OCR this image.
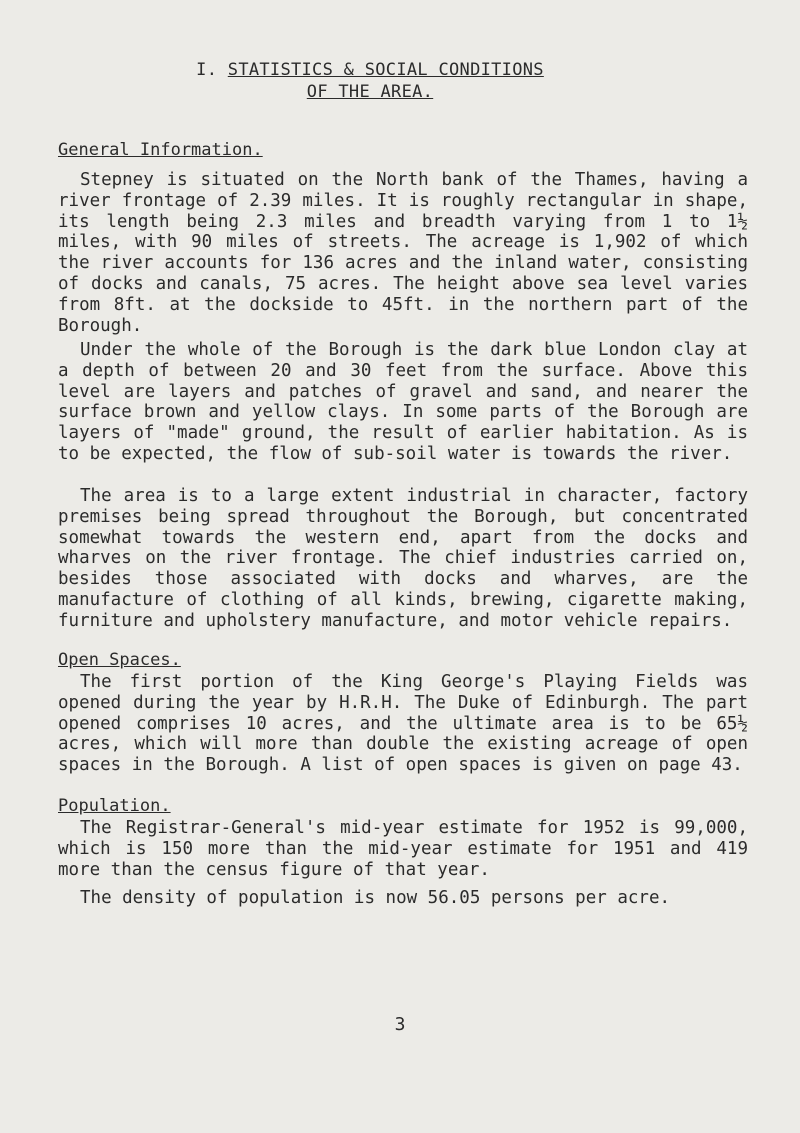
I. STATISTICS & SOCIAL CONDITIONS
OF THE AREA.
General Information.
Stepney is situated on the North bank of the Thames, having a river frontage of 2.39 miles. It is roughly rectangular in shape, its length being 2.3 miles and breadth varying from 1 to 1½ miles, with 90 miles of streets. The acreage is 1,902 of which the river accounts for 136 acres and the inland water, consisting of docks and canals, 75 acres. The height above sea level varies from 8ft. at the dockside to 45ft. in the northern part of the Borough.
Under the whole of the Borough is the dark blue London clay at a depth of between 20 and 30 feet from the surface. Above this level are layers and patches of gravel and sand, and nearer the surface brown and yellow clays. In some parts of the Borough are layers of "made" ground, the result of earlier habitation. As is to be expected, the flow of sub-soil water is towards the river.
The area is to a large extent industrial in character, factory premises being spread throughout the Borough, but concentrated somewhat towards the western end, apart from the docks and wharves on the river frontage. The chief industries carried on, besides those associated with docks and wharves, are the manufacture of clothing of all kinds, brewing, cigarette making, furniture and upholstery manufacture, and motor vehicle repairs.
Open Spaces.
The first portion of the King George's Playing Fields was opened during the year by H.R.H. The Duke of Edinburgh. The part opened comprises 10 acres, and the ultimate area is to be 65½ acres, which will more than double the existing acreage of open spaces in the Borough. A list of open spaces is given on page 43.
Population.
The Registrar-General's mid-year estimate for 1952 is 99,000, which is 150 more than the mid-year estimate for 1951 and 419 more than the census figure of that year.
The density of population is now 56.05 persons per acre.
3
